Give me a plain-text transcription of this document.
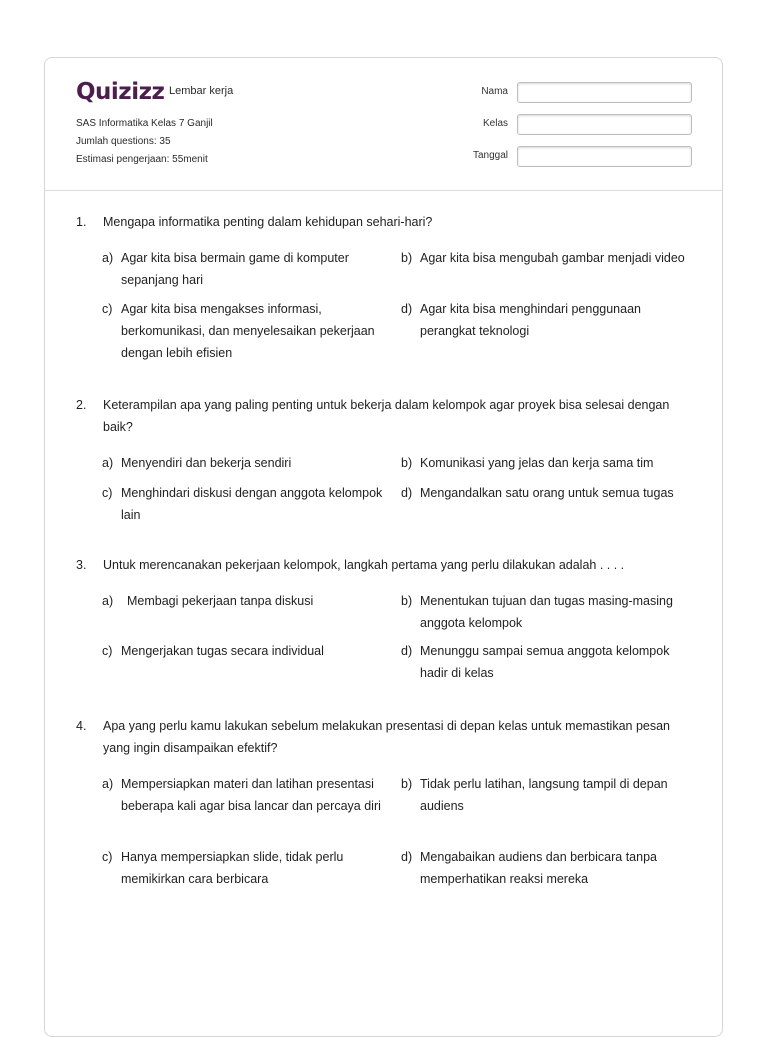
Quizizz Lembar kerja
SAS Informatika Kelas 7 Ganjil
Jumlah questions: 35
Estimasi pengerjaan: 55menit
Nama
Kelas
Tanggal
1. Mengapa informatika penting dalam kehidupan sehari-hari?
a) Agar kita bisa bermain game di komputer sepanjang hari
b) Agar kita bisa mengubah gambar menjadi video
c) Agar kita bisa mengakses informasi, berkomunikasi, dan menyelesaikan pekerjaan dengan lebih efisien
d) Agar kita bisa menghindari penggunaan perangkat teknologi
2. Keterampilan apa yang paling penting untuk bekerja dalam kelompok agar proyek bisa selesai dengan baik?
a) Menyendiri dan bekerja sendiri	b) Komunikasi yang jelas dan kerja sama tim
c) Menghindari diskusi dengan anggota kelompok lain
d) Mengandalkan satu orang untuk semua tugas
3. Untuk merencanakan pekerjaan kelompok, langkah pertama yang perlu dilakukan adalah . . . .
a) Membagi pekerjaan tanpa diskusi	b) Menentukan tujuan dan tugas masing-masing anggota kelompok
c) Mengerjakan tugas secara individual	d) Menunggu sampai semua anggota kelompok hadir di kelas
4. Apa yang perlu kamu lakukan sebelum melakukan presentasi di depan kelas untuk memastikan pesan yang ingin disampaikan efektif?
a) Mempersiapkan materi dan latihan presentasi beberapa kali agar bisa lancar dan percaya diri
b) Tidak perlu latihan, langsung tampil di depan audiens
c) Hanya mempersiapkan slide, tidak perlu memikirkan cara berbicara
d) Mengabaikan audiens dan berbicara tanpa memperhatikan reaksi mereka
